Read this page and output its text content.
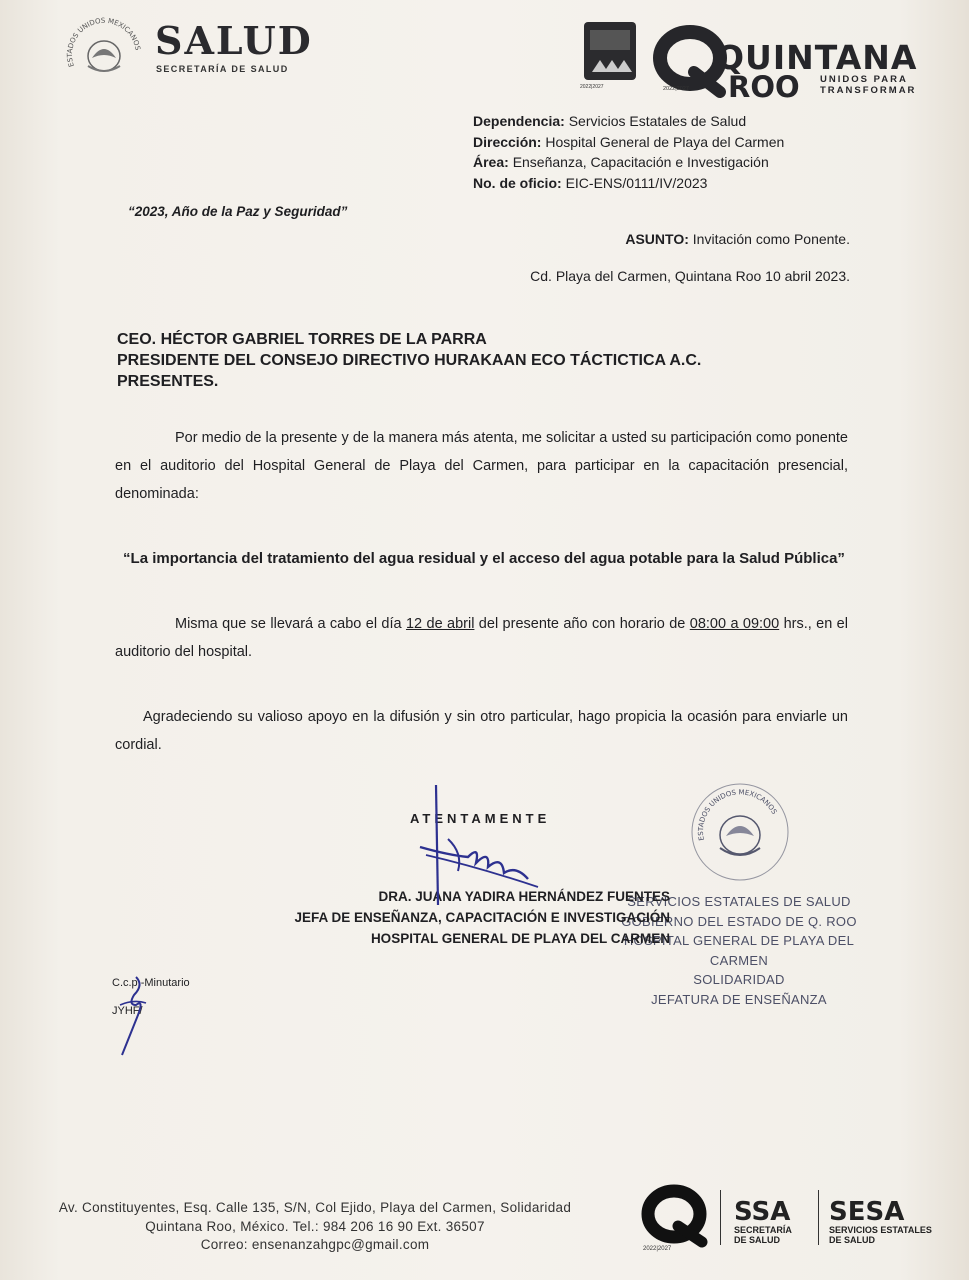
ESTADOS UNIDOS MEXICANOS SALUD
SECRETARÍA DE SALUD
2022|2027
QUINTANA
ROO UNIDOS PARA
TRANSFORMAR
2022|2027
Dependencia: Servicios Estatales de Salud
Dirección: Hospital General de Playa del Carmen
Área: Enseñanza, Capacitación e Investigación
No. de oficio: EIC-ENS/0111/IV/2023
“2023, Año de la Paz y Seguridad”
ASUNTO: Invitación como Ponente.
Cd. Playa del Carmen, Quintana Roo 10 abril 2023.
CEO. HÉCTOR GABRIEL TORRES DE LA PARRA
PRESIDENTE DEL CONSEJO DIRECTIVO HURAKAAN ECO TÁCTICTICA A.C.
PRESENTES.
Por medio de la presente y de la manera más atenta, me solicitar a usted su participación como ponente en el auditorio del Hospital General de Playa del Carmen, para participar en la capacitación presencial, denominada:
“La importancia del tratamiento del agua residual y el acceso del agua potable para la Salud Pública”
Misma que se llevará a cabo el día 12 de abril del presente año con horario de 08:00 a 09:00 hrs., en el auditorio del hospital.
Agradeciendo su valioso apoyo en la difusión y sin otro particular, hago propicia la ocasión para enviarle un cordial.
ATENTAMENTE
ESTADOS UNIDOS MEXICANOS
SERVICIOS ESTATALES DE SALUD
GOBIERNO DEL ESTADO DE Q. ROO
HOSPITAL GENERAL DE PLAYA DEL CARMEN
SOLIDARIDAD
JEFATURA DE ENSEÑANZA
DRA. JUANA YADIRA HERNÁNDEZ FUENTES
JEFA DE ENSEÑANZA, CAPACITACIÓN E INVESTIGACIÓN
HOSPITAL GENERAL DE PLAYA DEL CARMEN
C.c.p.-Minutario
JYHF/
Av. Constituyentes, Esq. Calle 135, S/N, Col Ejido, Playa del Carmen, Solidaridad
Quintana Roo, México. Tel.: 984 206 16 90 Ext. 36507
Correo: ensenanzahgpc@gmail.com	2022|2027
SSA
SECRETARÍA
DE SALUD
SESA
SERVICIOS ESTATALES
DE SALUD
